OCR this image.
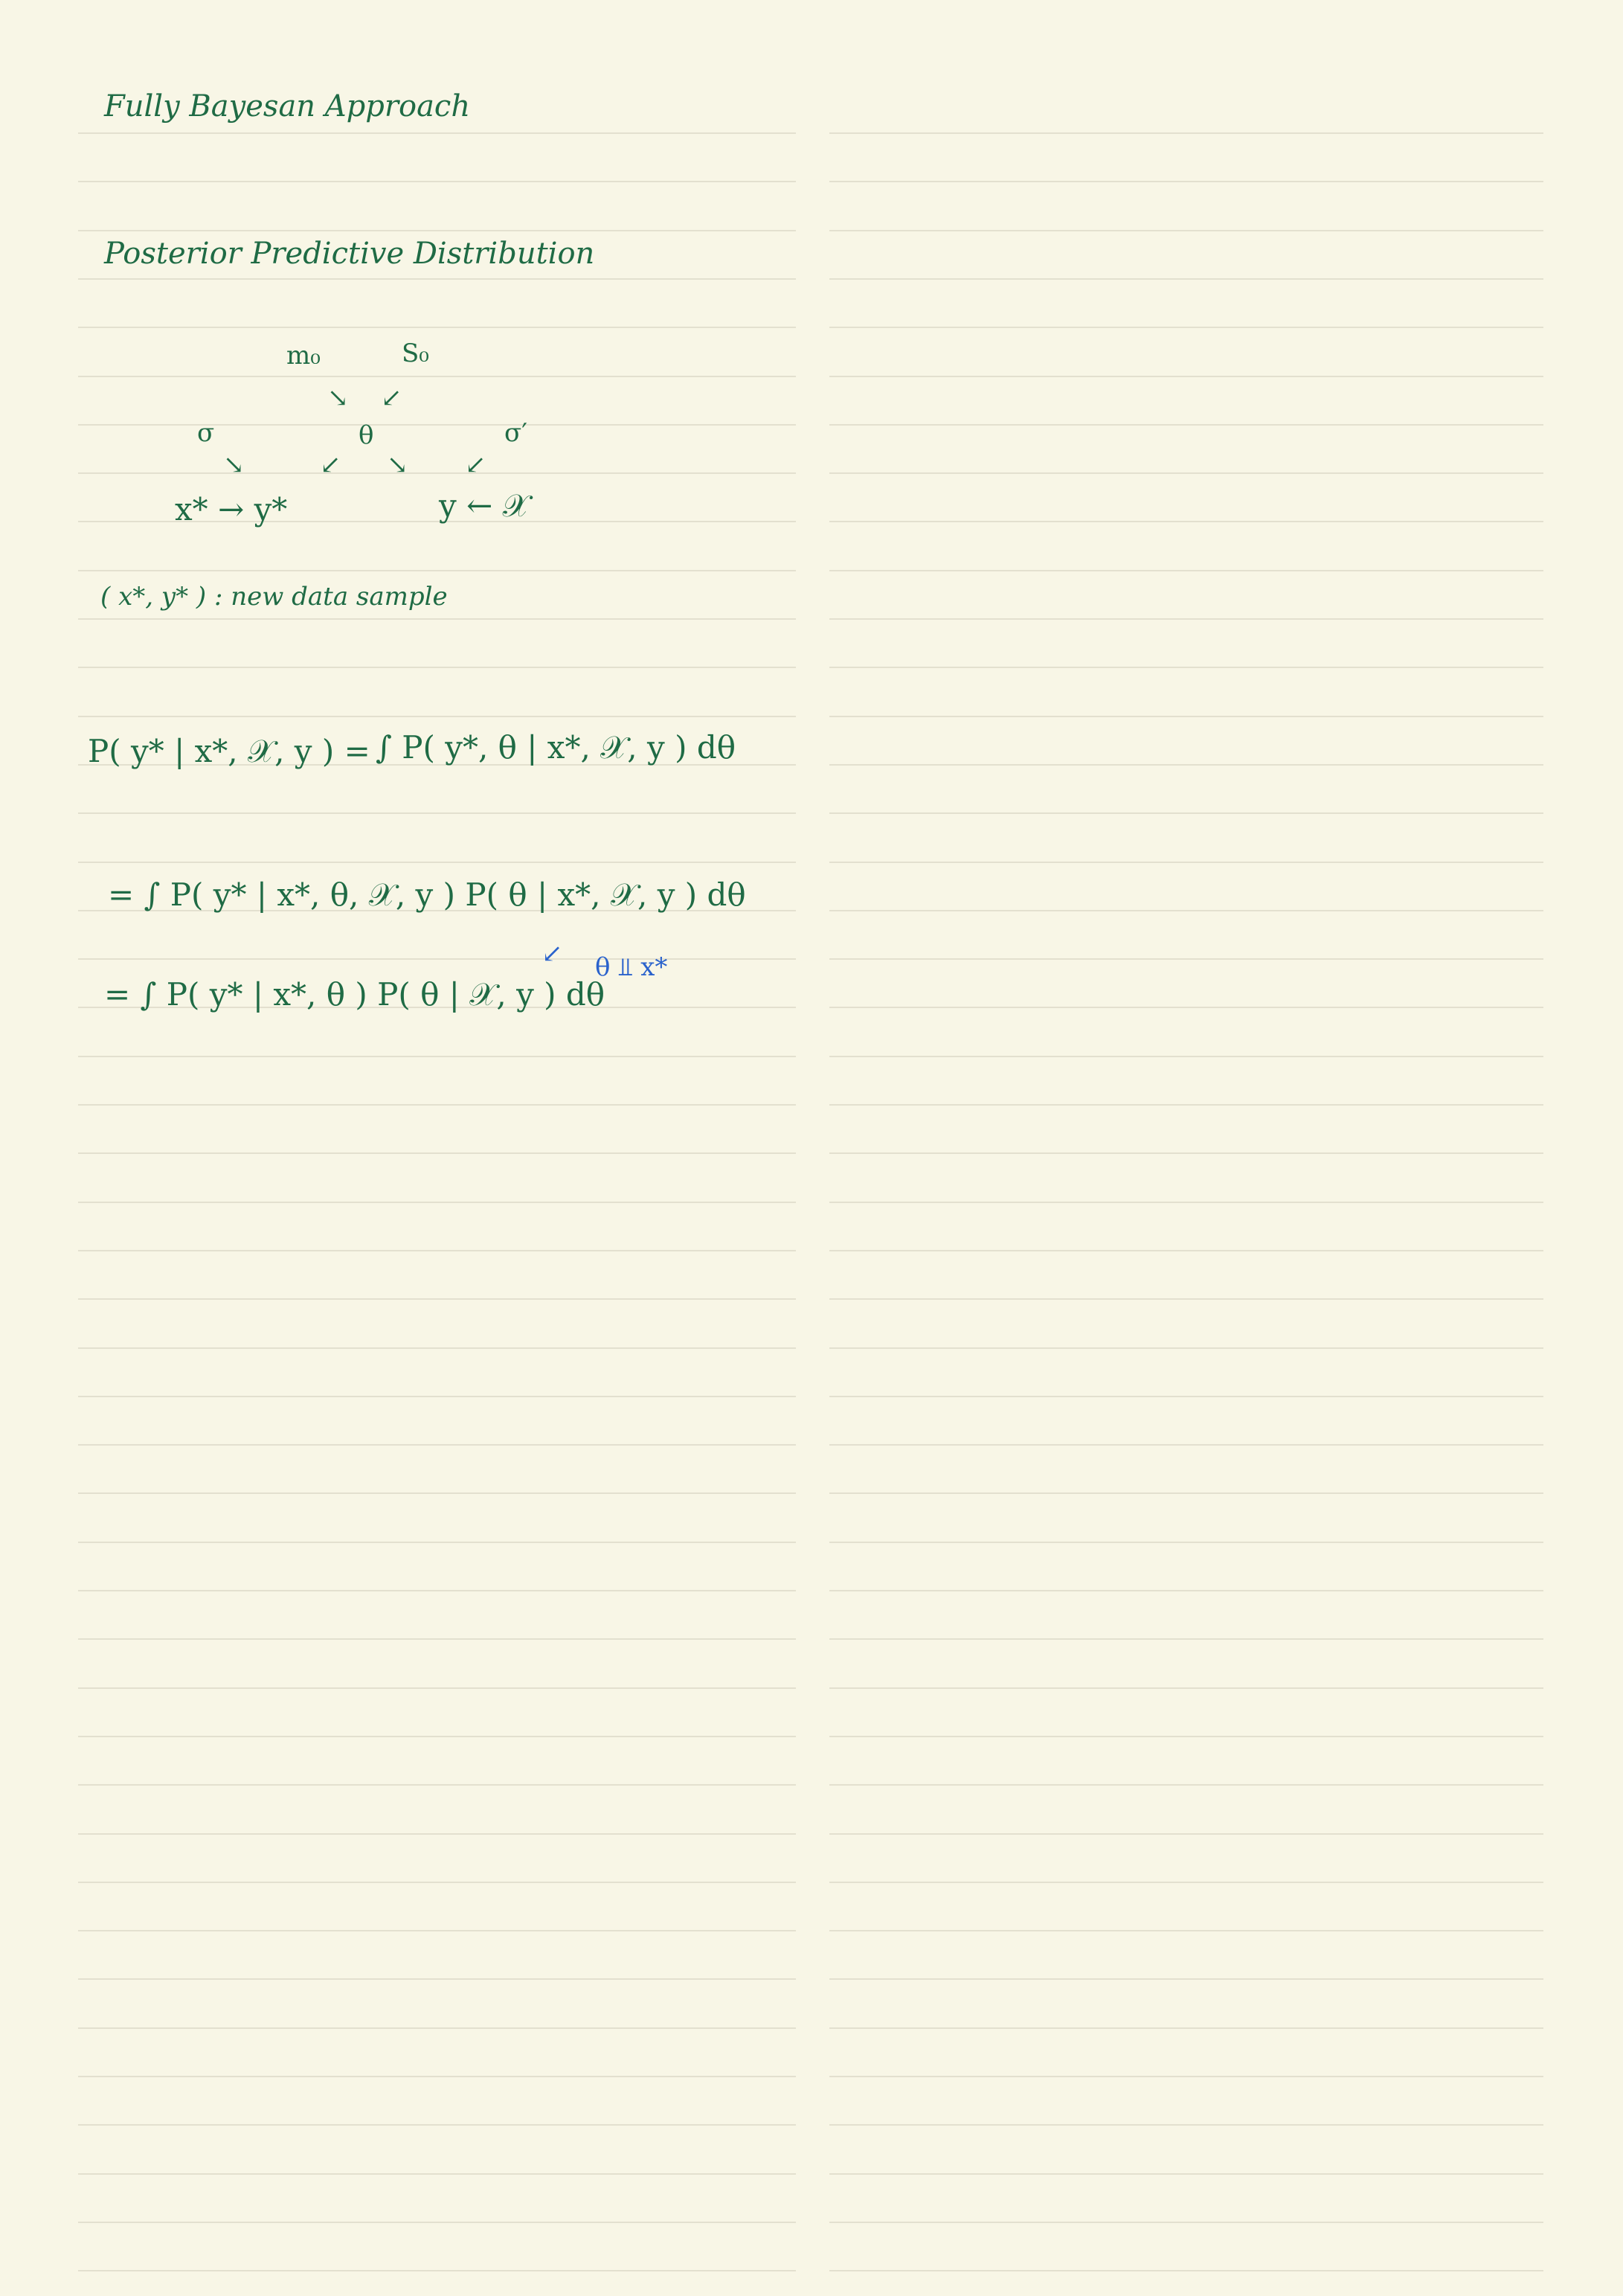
Fully Bayesan Approach
Posterior Predictive Distribution
m₀	S₀
↘ ↙
σ	θ	σ′
↘	↙ ↘ ↙
x* → y*	y ← 𝒳
( x*, y* ) : new data sample
P( y* | x*, 𝒳, y ) = ∫ P( y*, θ | x*, 𝒳, y ) dθ
= ∫ P( y* | x*, θ, 𝒳, y ) P( θ | x*, 𝒳, y ) dθ
= ∫ P( y* | x*, θ ) P( θ | 𝒳, y ) dθ
↙ θ ⫫ x*
